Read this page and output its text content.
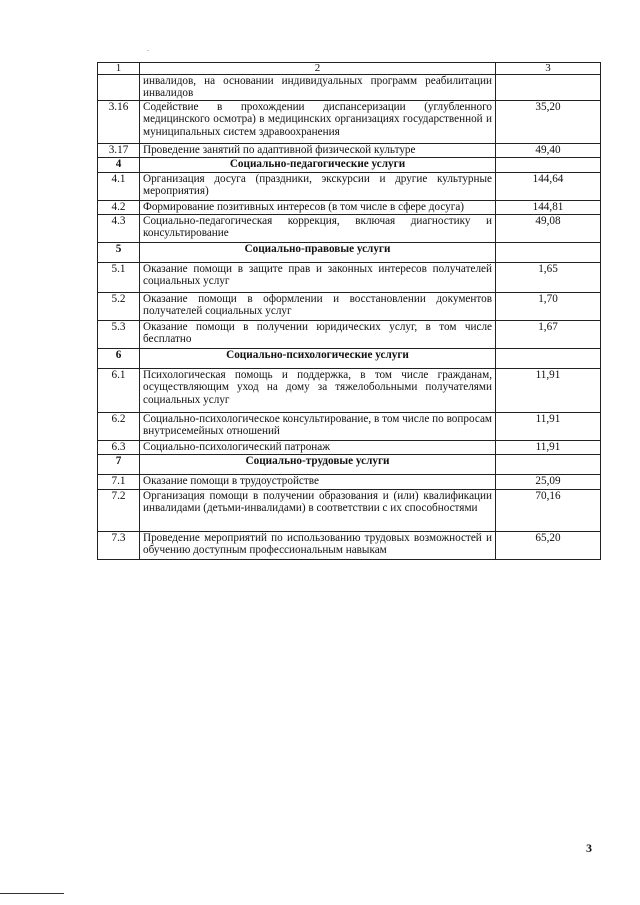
.
1	2	3
	инвалидов, на основании индивидуальных программ реабилитации инвалидов	
3.16	Содействие в прохождении диспансеризации (углубленного медицинского осмотра) в медицинских организациях государственной и муниципальных систем здравоохранения	35,20
3.17	Проведение занятий по адаптивной физической культуре	49,40
4	Социально-педагогические услуги	
4.1	Организация досуга (праздники, экскурсии и другие культурные мероприятия)	144,64
4.2	Формирование позитивных интересов (в том числе в сфере досуга)	144,81
4.3	Социально-педагогическая коррекция, включая диагностику и консультирование	49,08
5	Социально-правовые услуги	
5.1	Оказание помощи в защите прав и законных интересов получателей социальных услуг	1,65
5.2	Оказание помощи в оформлении и восстановлении документов получателей социальных услуг	1,70
5.3	Оказание помощи в получении юридических услуг, в том числе бесплатно	1,67
6	Социально-психологические услуги	
6.1	Психологическая помощь и поддержка, в том числе гражданам, осуществляющим уход на дому за тяжелобольными получателями социальных услуг	11,91
6.2	Социально-психологическое консультирование, в том числе по вопросам внутрисемейных отношений	11,91
6.3	Социально-психологический патронаж	11,91
7	Социально-трудовые услуги	
7.1	Оказание помощи в трудоустройстве	25,09
7.2	Организация помощи в получении образования и (или) квалификации инвалидами (детьми-инвалидами) в соответствии с их способностями	70,16
7.3	Проведение мероприятий по использованию трудовых возможностей и обучению доступным профессиональным навыкам	65,20
3
